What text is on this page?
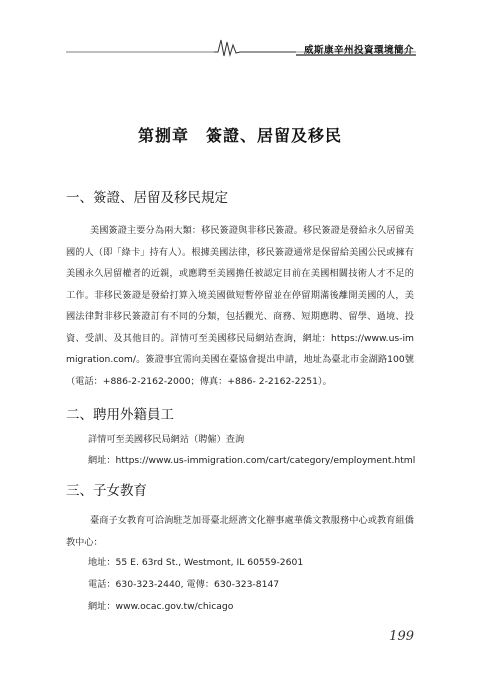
威斯康辛州投資環境簡介
第捌章　簽證、居留及移民
一、簽證、居留及移民規定
美國簽證主要分為兩大類：移民簽證與非移民簽證。移民簽證是發給永久居留美國的人（即「綠卡」持有人）。根據美國法律，移民簽證通常是保留給美國公民或擁有美國永久居留權者的近親，或應聘至美國擔任被認定目前在美國相關技術人才不足的工作。非移民簽證是發給打算入境美國做短暫停留並在停留期滿後離開美國的人，美國法律對非移民簽證訂有不同的分類，包括觀光、商務、短期應聘、留學、過境、投資、受訓、及其他目的。詳情可至美國移民局網站查詢，網址：https://www.us-immigration.com/。簽證事宜需向美國在臺協會提出申請，地址為臺北市金湖路100號（電話：+886-2-2162-2000；傳真：+886- 2-2162-2251）。
二、聘用外籍員工
詳情可至美國移民局網站（聘僱）查詢
網址：https://www.us-immigration.com/cart/category/employment.html
三、子女教育
臺商子女教育可洽詢駐芝加哥臺北經濟文化辦事處華僑文教服務中心或教育組僑教中心：
地址：55 E. 63rd St., Westmont, IL 60559-2601
電話：630-323-2440, 電傳：630-323-8147
網址：www.ocac.gov.tw/chicago
199
